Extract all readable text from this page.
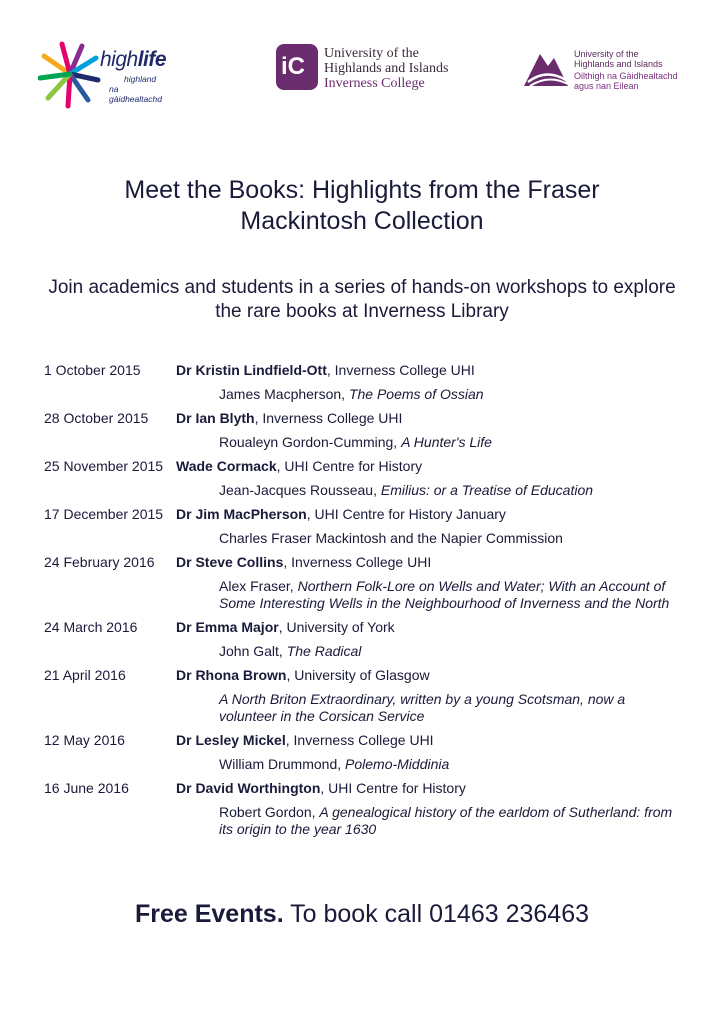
highlife
highland
na gàidhealtachd
iC University of the
Highlands and Islands
Inverness College
University of the
Highlands and Islands
Oilthigh na Gàidhealtachd
agus nan Eilean
Meet the Books: Highlights from the Fraser Mackintosh Collection
Join academics and students in a series of hands-on workshops to explore the rare books at Inverness Library
1 October 2015	Dr Kristin Lindfield-Ott, Inverness College UHI
James Macpherson, The Poems of Ossian
28 October 2015	Dr Ian Blyth, Inverness College UHI
Roualeyn Gordon-Cumming, A Hunter's Life
25 November 2015 Wade Cormack, UHI Centre for History
Jean-Jacques Rousseau, Emilius: or a Treatise of Education
17 December 2015 Dr Jim MacPherson, UHI Centre for History January
Charles Fraser Mackintosh and the Napier Commission
24 February 2016	Dr Steve Collins, Inverness College UHI
Alex Fraser, Northern Folk-Lore on Wells and Water; With an Account of Some Interesting Wells in the Neighbourhood of Inverness and the North
24 March 2016	Dr Emma Major, University of York
John Galt, The Radical
21 April 2016	Dr Rhona Brown, University of Glasgow
A North Briton Extraordinary, written by a young Scotsman, now a volunteer in the Corsican Service
12 May 2016	Dr Lesley Mickel, Inverness College UHI
William Drummond, Polemo-Middinia
16 June 2016	Dr David Worthington, UHI Centre for History
Robert Gordon, A genealogical history of the earldom of Sutherland: from its origin to the year 1630
Free Events. To book call 01463 236463
